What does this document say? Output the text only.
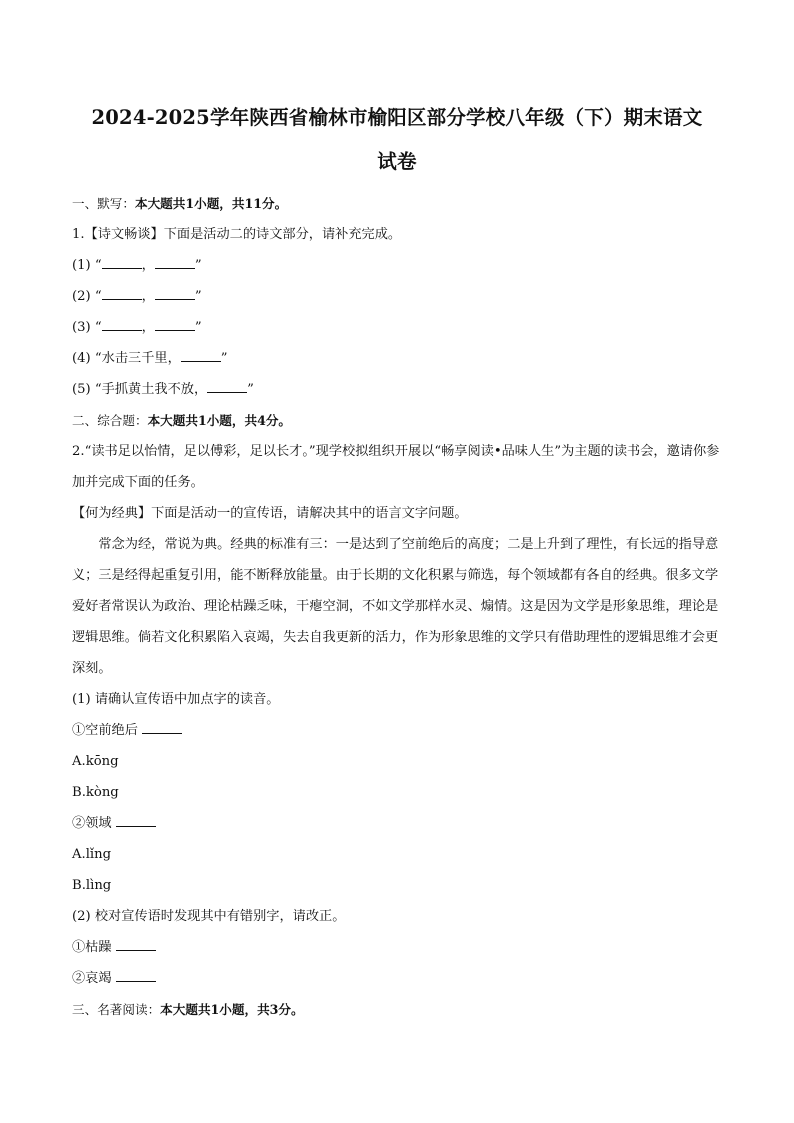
2024-2025学年陕西省榆林市榆阳区部分学校八年级（下）期末语文
试卷
一、默写：本大题共1小题，共11分。
1.【诗文畅谈】下面是活动二的诗文部分，请补充完成。
(1) “	，	”
(2) “	，	”
(3) “	，	”
(4) “水击三千里，	”
(5) “手抓黄土我不放，	”
二、综合题：本大题共1小题，共4分。
2.“读书足以怡情，足以傅彩，足以长才。”现学校拟组织开展以“畅享阅读•品味人生”为主题的读书会，邀请你参加并完成下面的任务。
【何为经典】下面是活动一的宣传语，请解决其中的语言文字问题。
常念为经，常说为典。经典的标准有三：一是达到了空前绝后的高度；二是上升到了理性，有长远的指导意义；三是经得起重复引用，能不断释放能量。由于长期的文化积累与筛选，每个领域都有各自的经典。很多文学爱好者常误认为政治、理论枯躁乏味，干瘪空洞，不如文学那样水灵、煽情。这是因为文学是形象思维，理论是逻辑思维。倘若文化积累陷入哀竭，失去自我更新的活力，作为形象思维的文学只有借助理性的逻辑思维才会更深刻。
(1) 请确认宣传语中加点字的读音。
①空前绝后
A.kōng
B.kòng
②领域
A.lǐng
B.lìng
(2) 校对宣传语时发现其中有错别字，请改正。
①枯躁
②哀竭
三、名著阅读：本大题共1小题，共3分。
